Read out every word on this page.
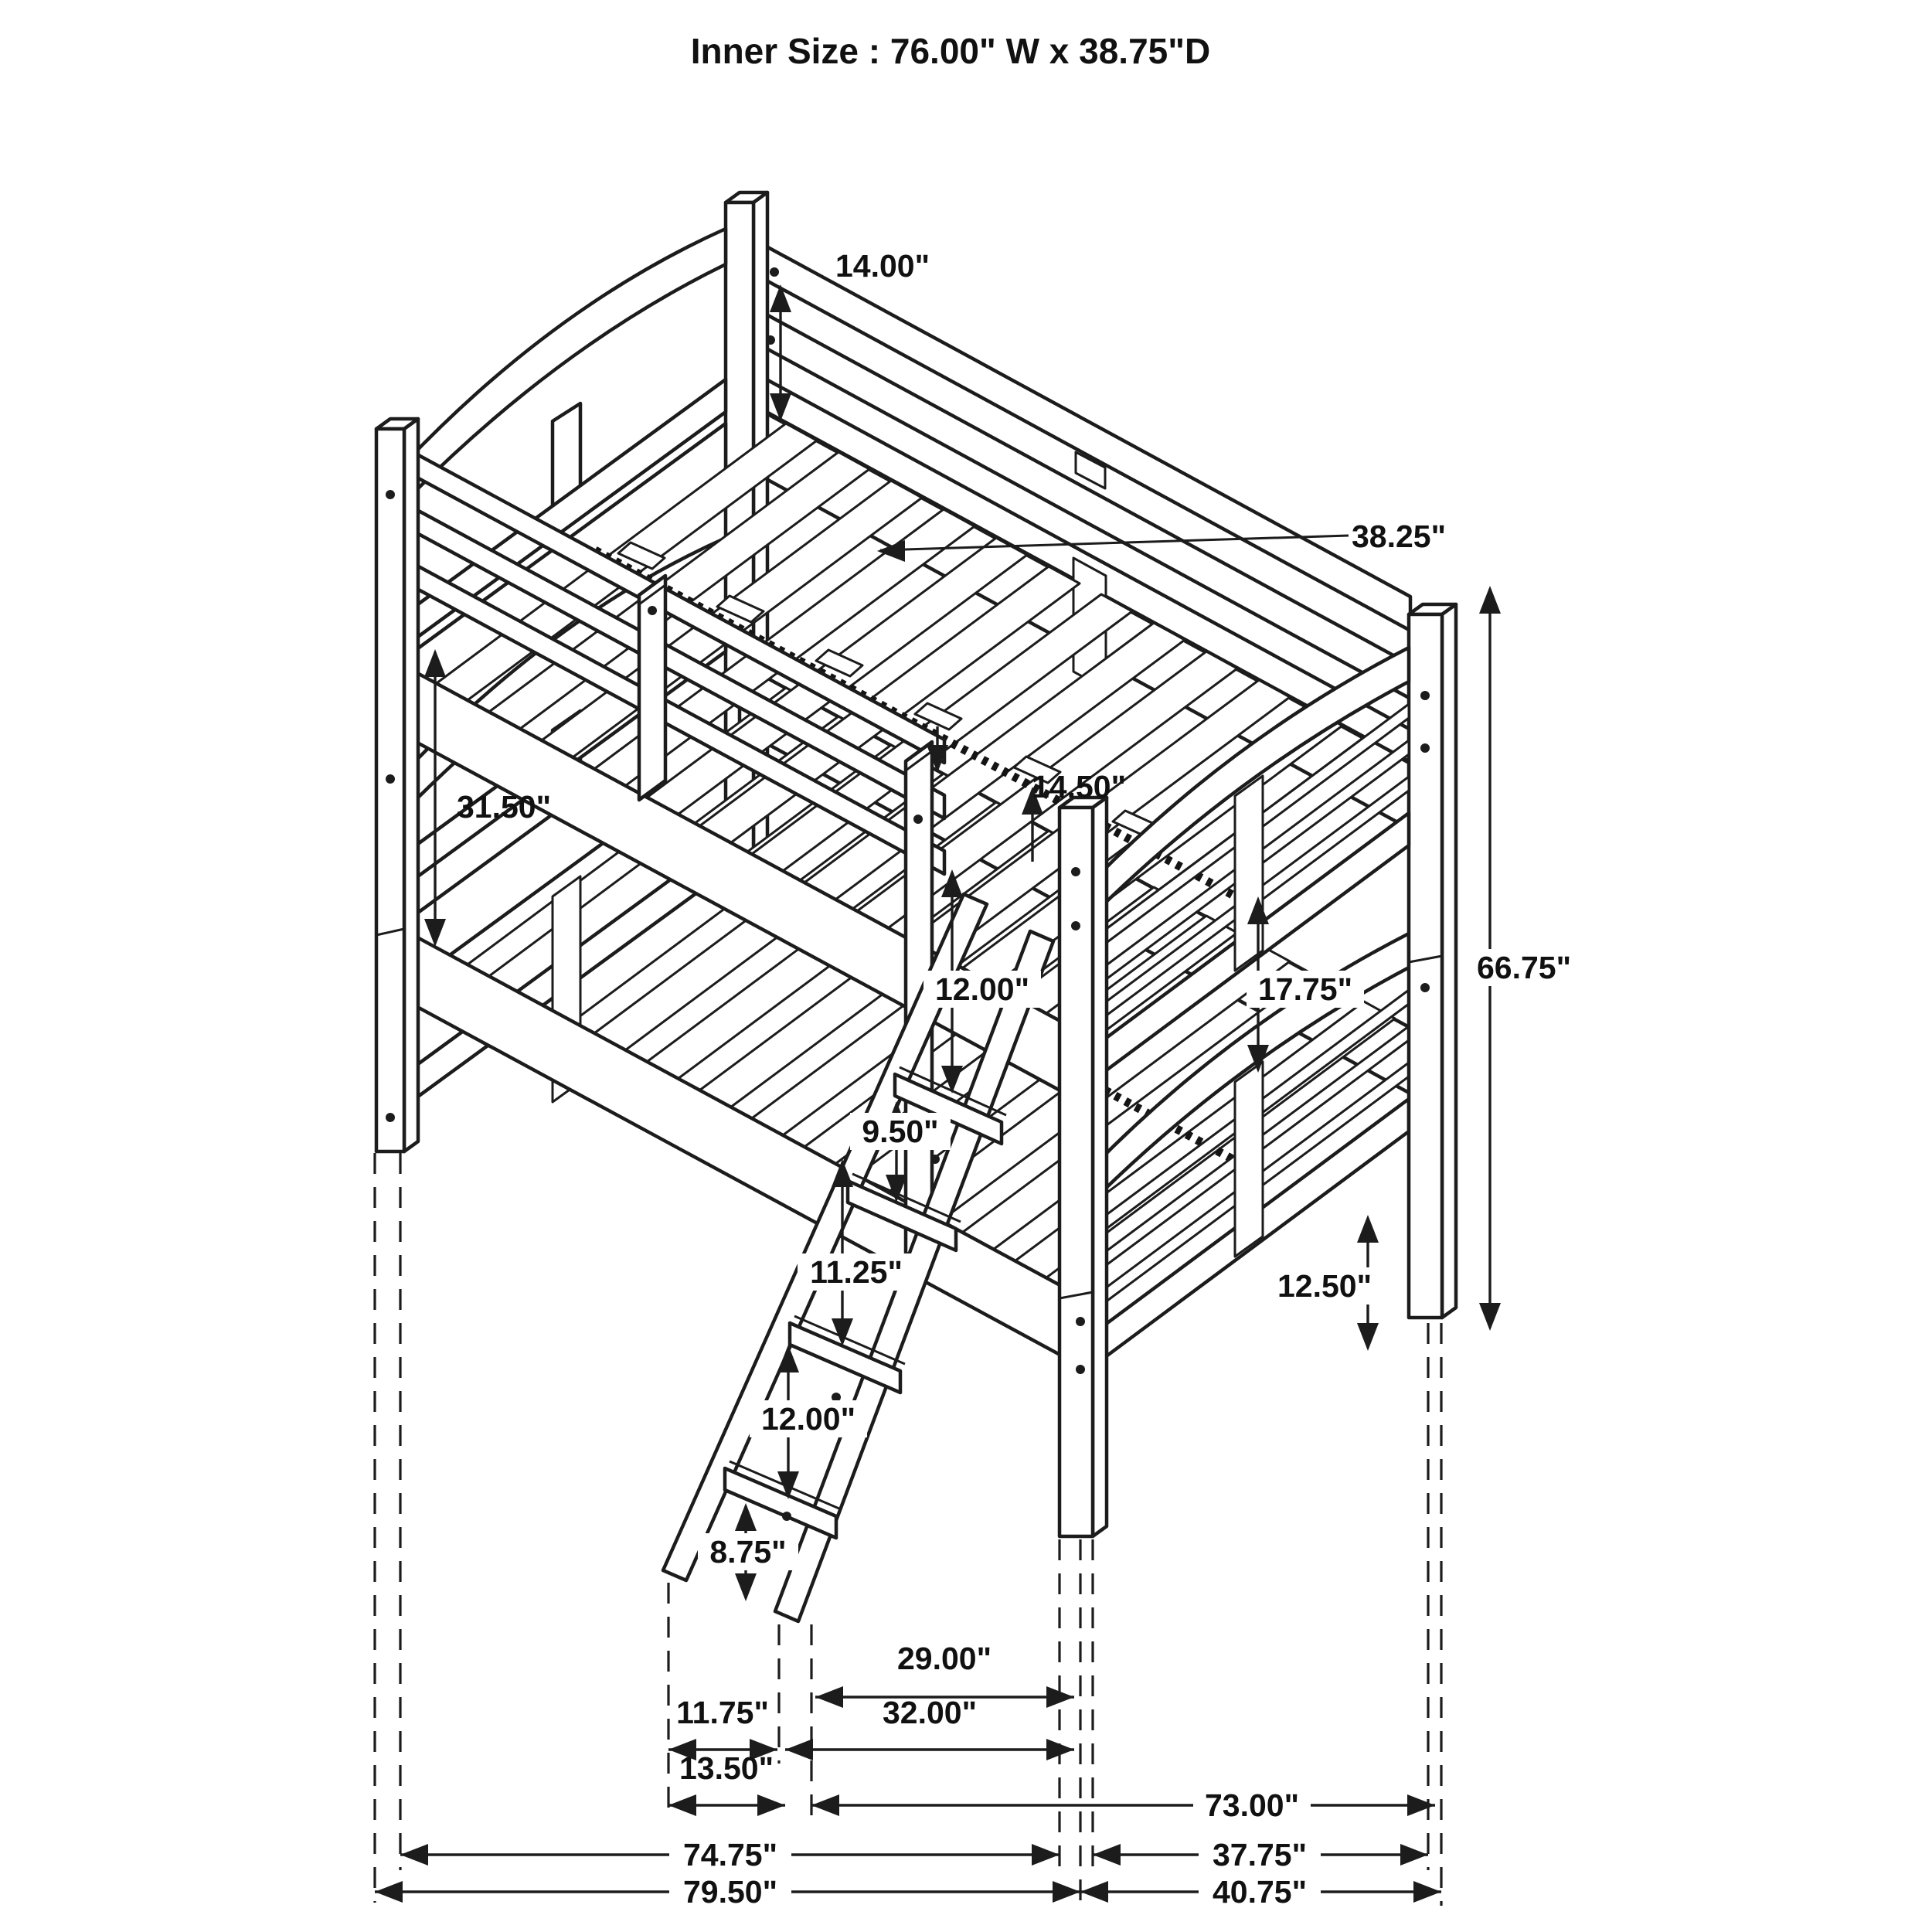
Inner Size : 76.00" W x 38.75"D
14.00"
38.25"
31.50"
14.50"
12.00"
9.50"
11.25"
12.00"
8.75"
17.75"
66.75"
12.50"
29.00"
11.75"	32.00"
13.50"
73.00"
74.75"	37.75"
79.50"	40.75"
